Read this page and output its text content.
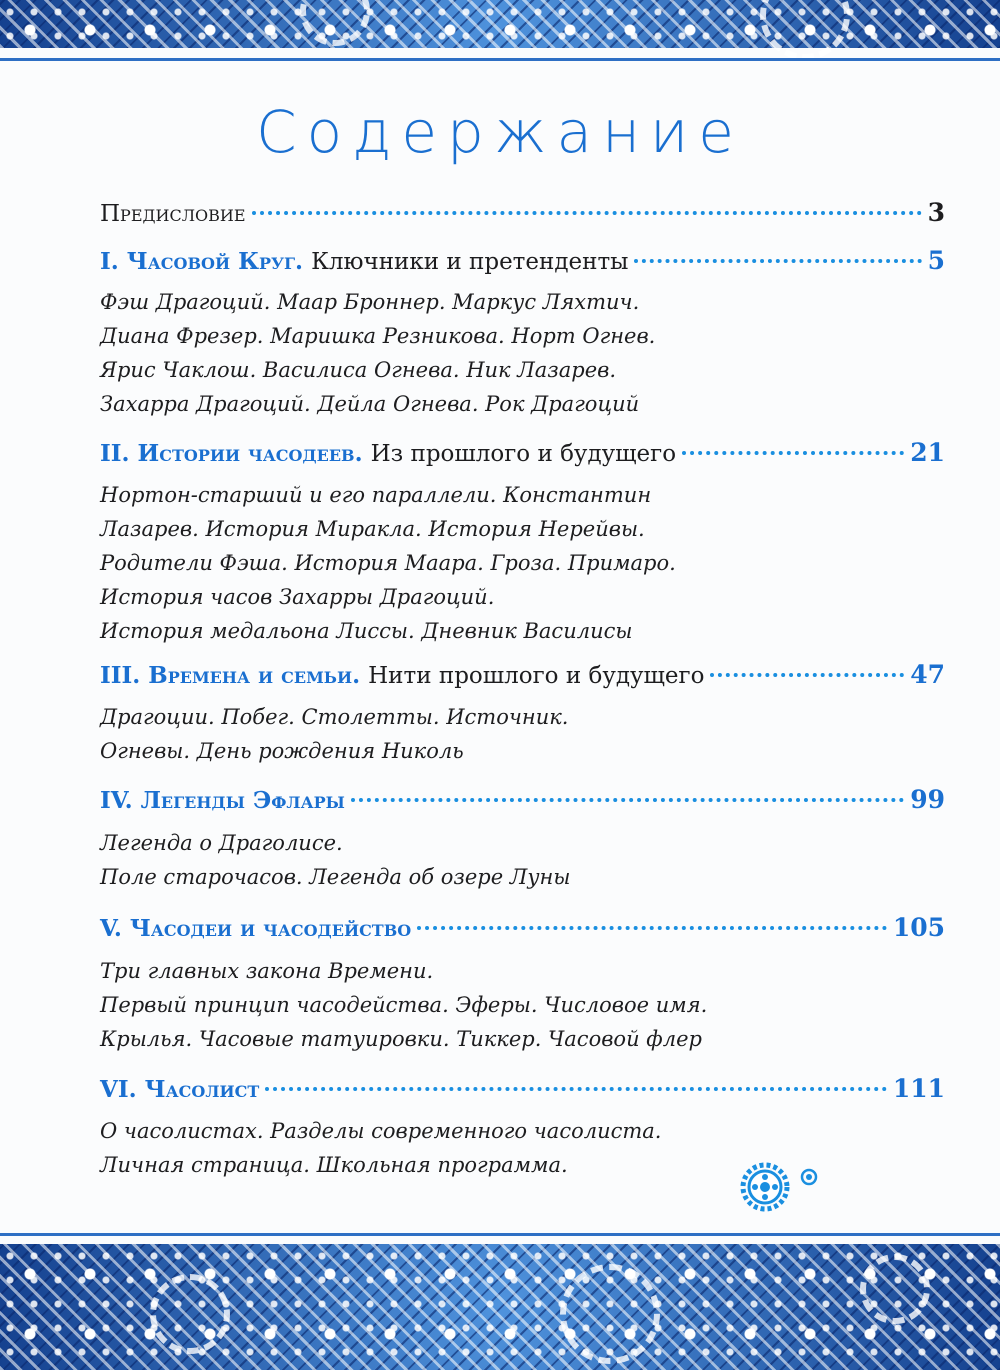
Содержание
Предисловие	3
I. Часовой Круг. Ключники и претенденты	5
Фэш Драгоций. Маар Броннер. Маркус Ляхтич.
Диана Фрезер. Маришка Резникова. Норт Огнев.
Ярис Чаклош. Василиса Огнева. Ник Лазарев.
Захарра Драгоций. Дейла Огнева. Рок Драгоций
II. Истории часодеев. Из прошлого и будущего	21
Нортон-старший и его параллели. Константин
Лазарев. История Миракла. История Нерейвы.
Родители Фэша. История Маара. Гроза. Примаро.
История часов Захарры Драгоций.
История медальона Лиссы. Дневник Василисы
III. Времена и семьи. Нити прошлого и будущего	47
Драгоции. Побег. Столетты. Источник.
Огневы. День рождения Николь
IV. Легенды Эфлары	99
Легенда о Драголисе.
Поле старочасов. Легенда об озере Луны
V. Часодеи и часодейство	105
Три главных закона Времени.
Первый принцип часодейства. Эферы. Числовое имя.
Крылья. Часовые татуировки. Тиккер. Часовой флер
VI. Часолист	111
О часолистах. Разделы современного часолиста.
Личная страница. Школьная программа.
